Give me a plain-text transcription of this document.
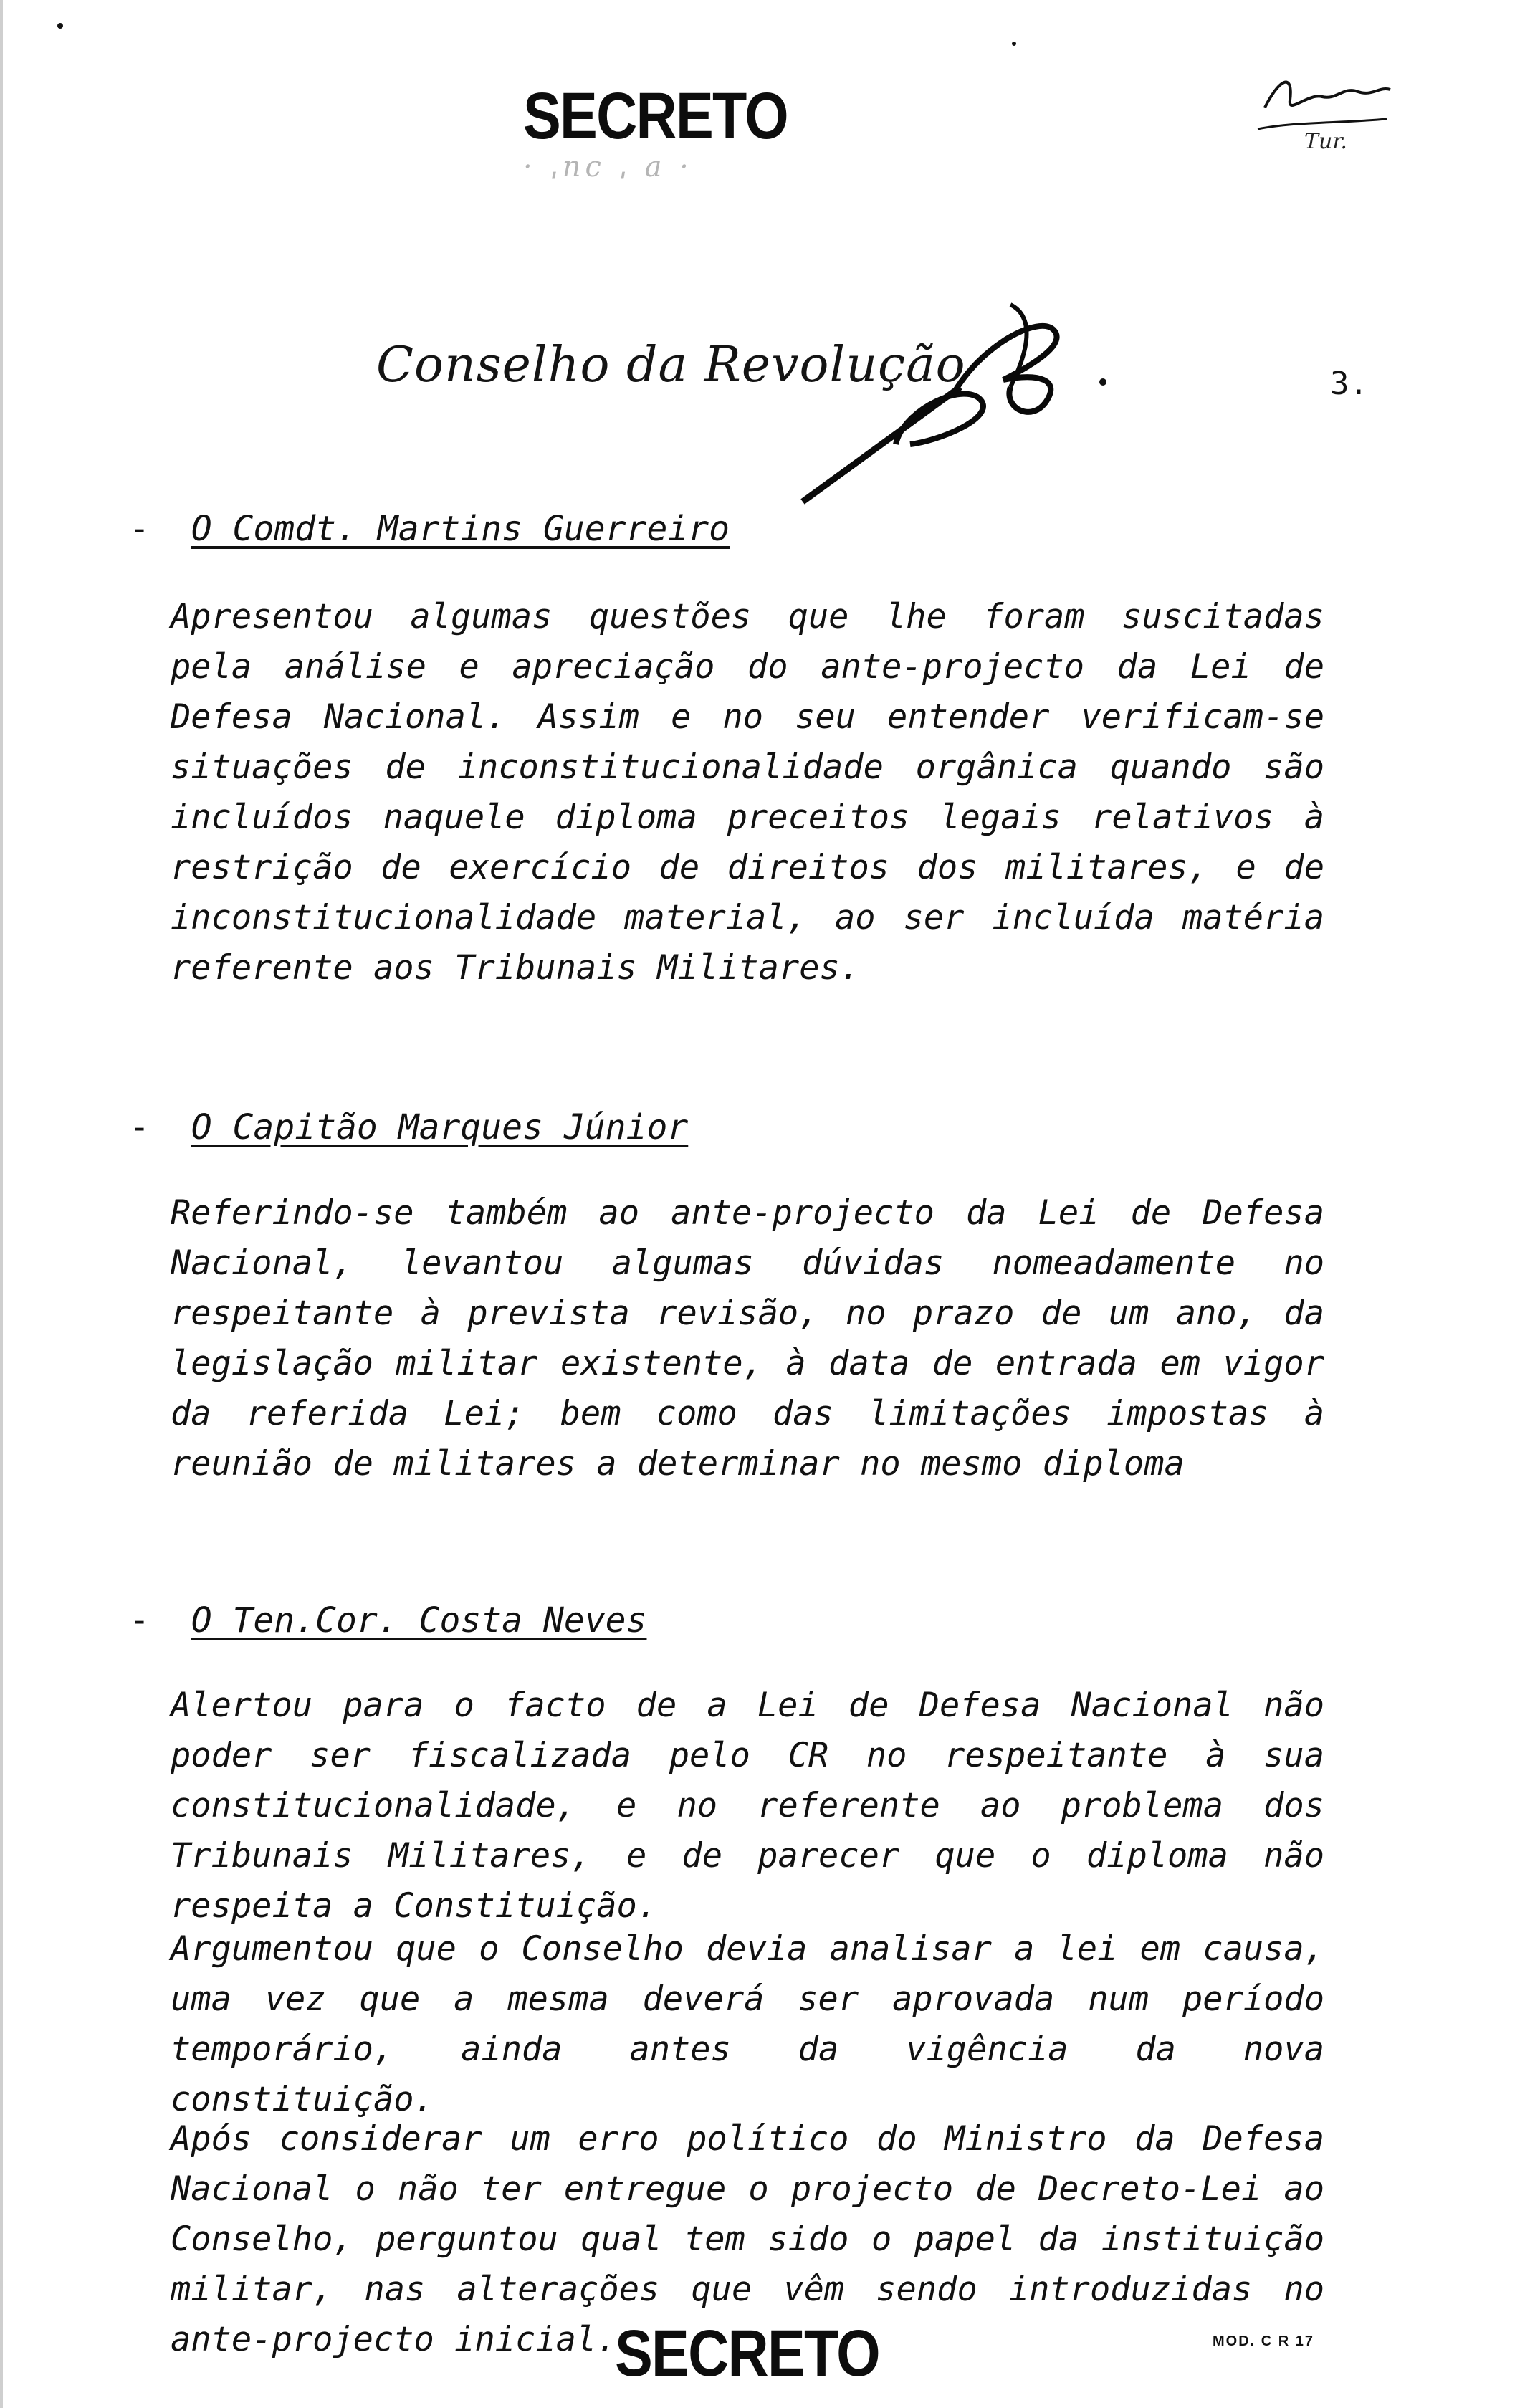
SECRETO
· ˌnc ˌ a ·
Tur.
Conselho da Revolução	3.
- O Comdt. Martins Guerreiro

Apresentou algumas questões que lhe foram suscitadas pela análise e apreciação do ante-projecto da Lei de Defesa Nacional. Assim e no seu entender verificam-se situações de inconstitucionalidade orgânica quando são incluídos naquele diploma preceitos legais relativos à restrição de exercício de direitos dos militares, e de inconstitucionalidade material, ao ser incluída matéria referente aos Tribunais Militares.

- O Capitão Marques Júnior

Referindo-se também ao ante-projecto da Lei de Defesa Nacional, levantou algumas dúvidas nomeadamente no respeitante à prevista revisão, no prazo de um ano, da legislação militar existente, à data de entrada em vigor da referida Lei; bem como das limitações impostas à reunião de militares a determinar no mesmo diploma

- O Ten.Cor. Costa Neves

Alertou para o facto de a Lei de Defesa Nacional não poder ser fiscalizada pelo CR no respeitante à sua constitucionalidade, e no referente ao problema dos Tribunais Militares, e de parecer que o diploma não respeita a Constituição.

Argumentou que o Conselho devia analisar a lei em causa, uma vez que a mesma deverá ser aprovada num período temporário, ainda antes da vigência da nova constituição.

Após considerar um erro político do Ministro da Defesa Nacional o não ter entregue o projecto de Decreto-Lei ao Conselho, perguntou qual tem sido o papel da instituição militar, nas alterações que vêm sendo introduzidas no ante-projecto inicial.

SECRETO	MOD. C R 17
